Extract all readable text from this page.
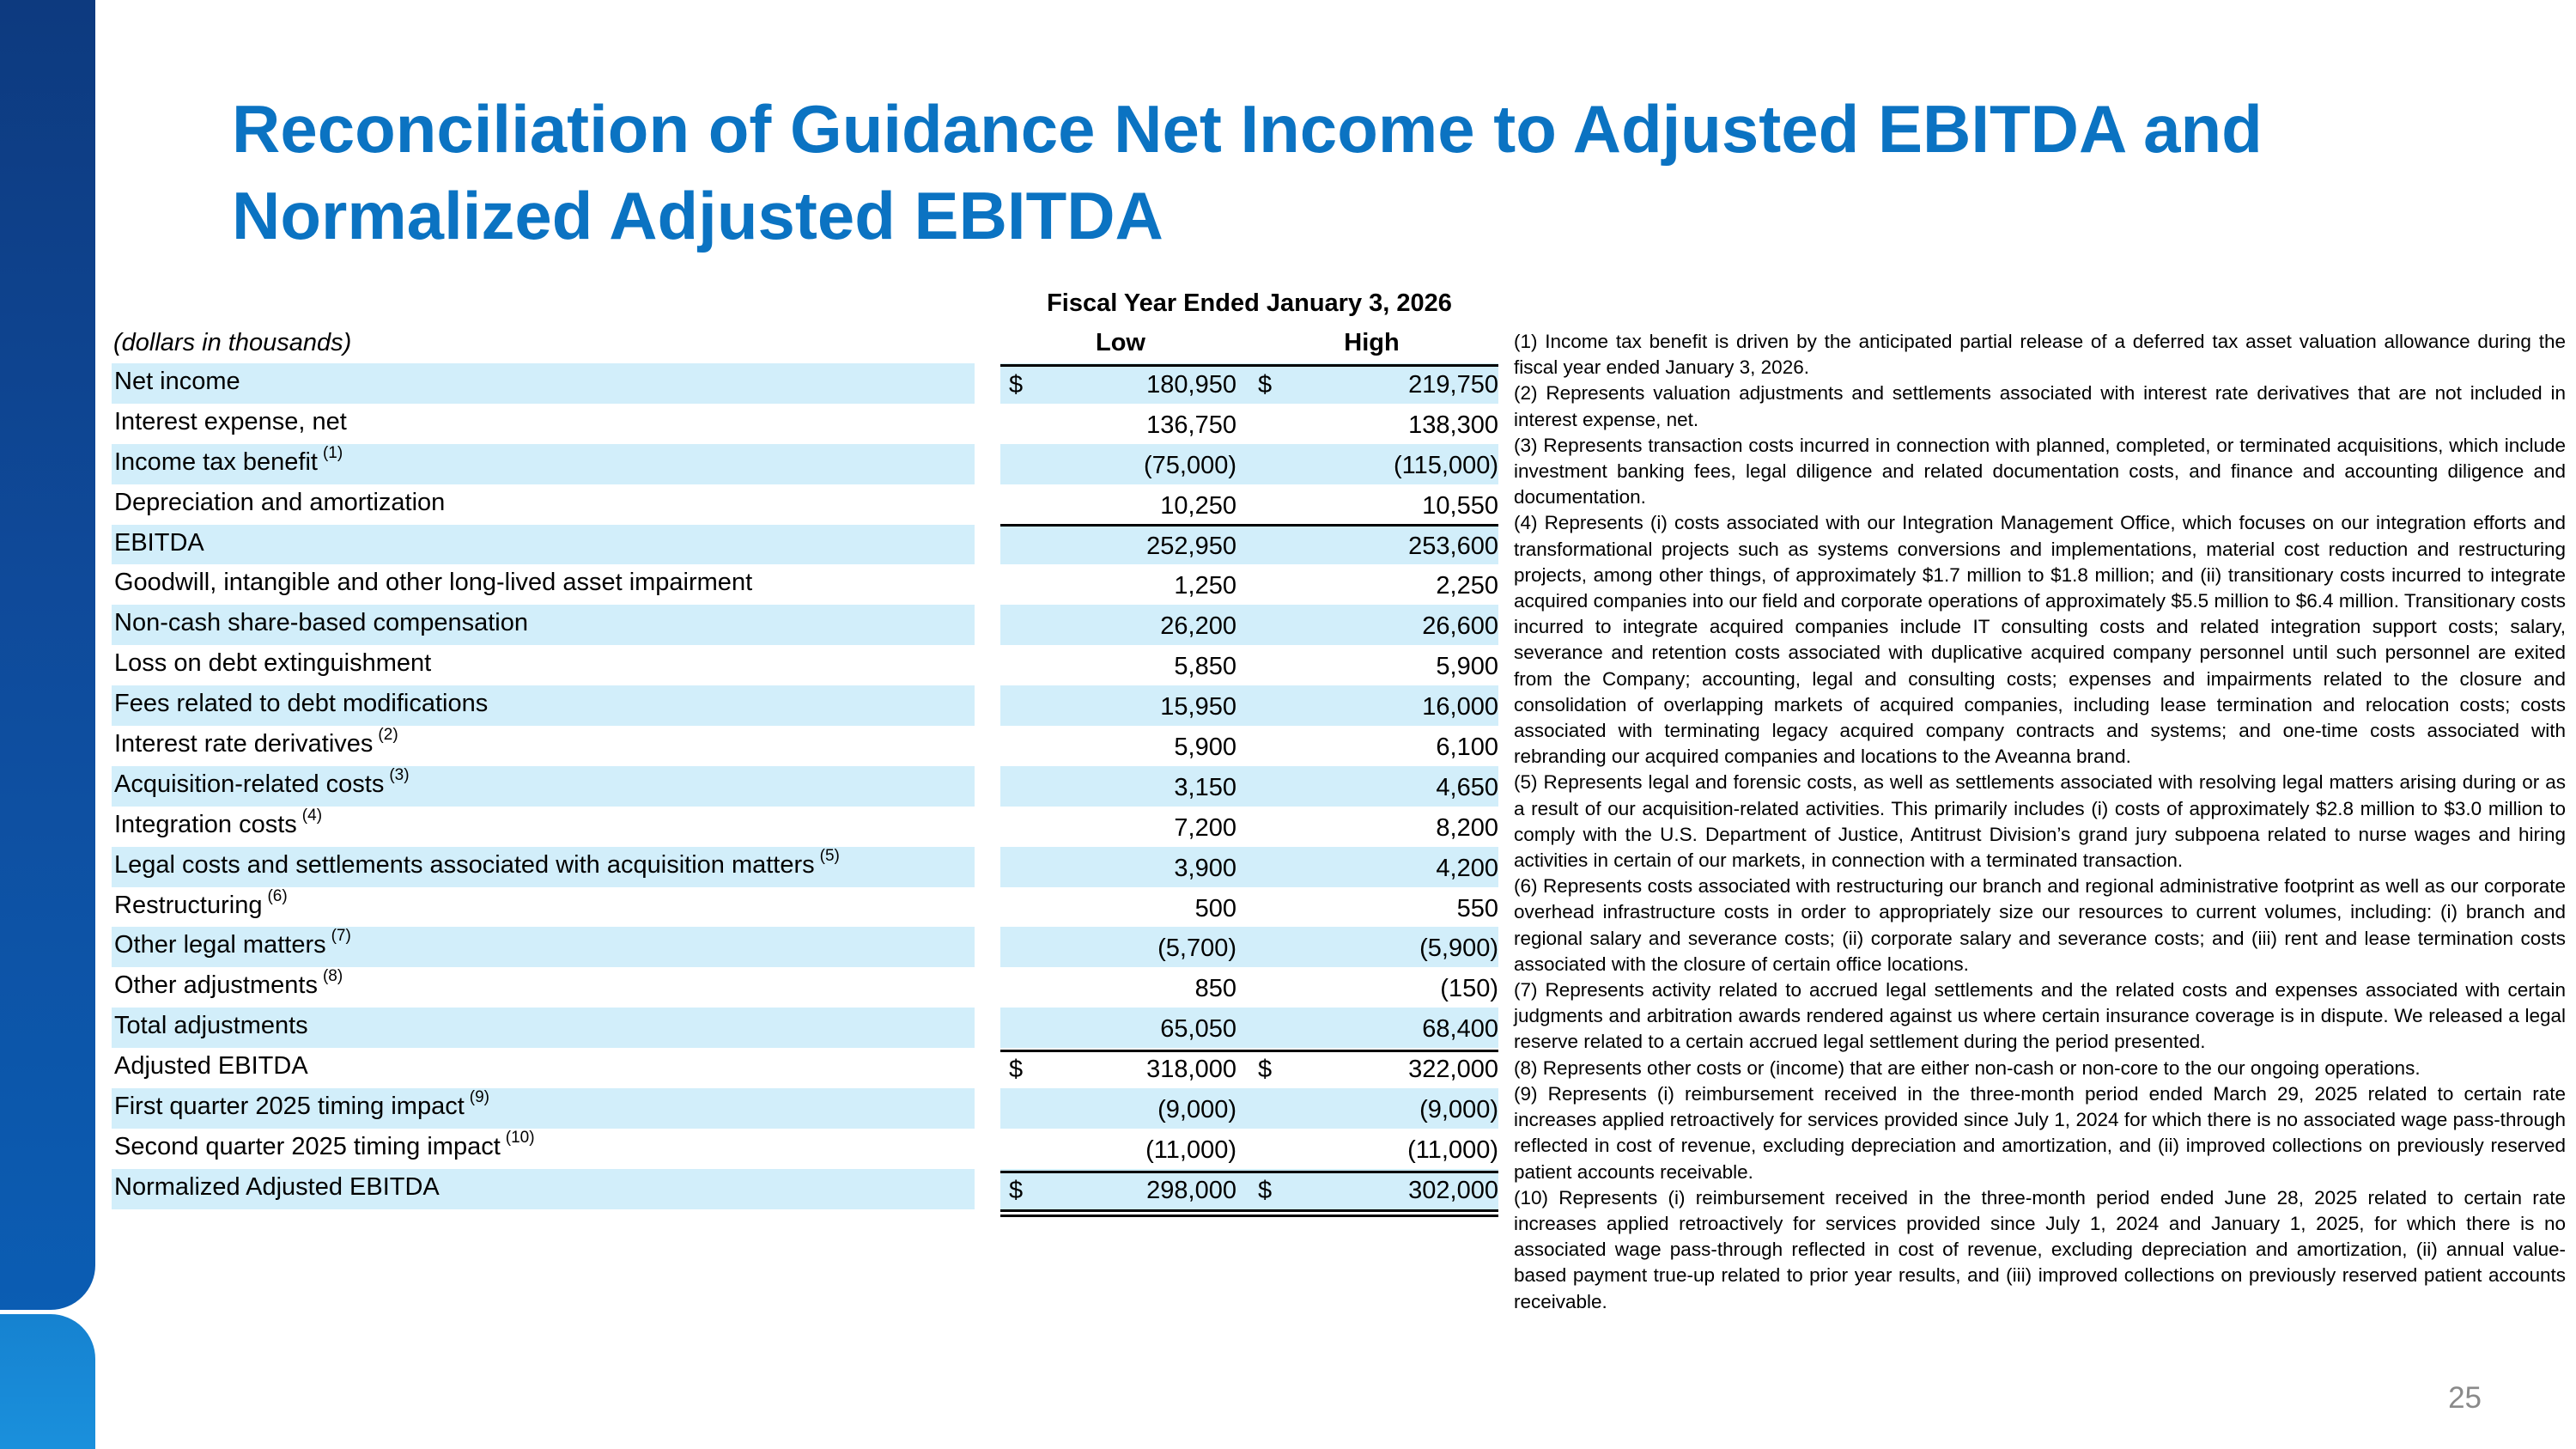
Reconciliation of Guidance Net Income to Adjusted EBITDA and Normalized Adjusted EBITDA
Fiscal Year Ended January 3, 2026
(dollars in thousands)	Low	High
Net income	$	180,950 $	219,750
Interest expense, net	136,750	138,300
Income tax benefit $^{(1)}$	(75,000)	(115,000)
Depreciation and amortization	10,250	10,550
EBITDA	252,950	253,600
Goodwill, intangible and other long-lived asset impairment	1,250	2,250
Non-cash share-based compensation	26,200	26,600
Loss on debt extinguishment	5,850	5,900
Fees related to debt modifications	15,950	16,000
Interest rate derivatives $^{(2)}$	5,900	6,100
Acquisition-related costs $^{(3)}$	3,150	4,650
Integration costs $^{(4)}$	7,200	8,200
Legal costs and settlements associated with acquisition matters $^{(5)}$	3,900	4,200
Restructuring $^{(6)}$	500	550
Other legal matters $^{(7)}$	(5,700)	(5,900)
Other adjustments $^{(8)}$	850	(150)
Total adjustments	65,050	68,400
Adjusted EBITDA	$	318,000 $	322,000
First quarter 2025 timing impact $^{(9)}$	(9,000)	(9,000)
Second quarter 2025 timing impact $^{(10)}$	(11,000)	(11,000)
Normalized Adjusted EBITDA	$	298,000 $	302,000

(1) Income tax benefit is driven by the anticipated partial release of a deferred tax asset valuation allowance during the fiscal year ended January 3, 2026.

(2) Represents valuation adjustments and settlements associated with interest rate derivatives that are not included in interest expense, net.

(3) Represents transaction costs incurred in connection with planned, completed, or terminated acquisitions, which include investment banking fees, legal diligence and related documentation costs, and finance and accounting diligence and documentation.

(4) Represents (i) costs associated with our Integration Management Office, which focuses on our integration efforts and transformational projects such as systems conversions and implementations, material cost reduction and restructuring projects, among other things, of approximately $1.7 million to $1.8 million; and (ii) transitionary costs incurred to integrate acquired companies into our field and corporate operations of approximately $5.5 million to $6.4 million. Transitionary costs incurred to integrate acquired companies include IT consulting costs and related integration support costs; salary, severance and retention costs associated with duplicative acquired company personnel until such personnel are exited from the Company; accounting, legal and consulting costs; expenses and impairments related to the closure and consolidation of overlapping markets of acquired companies, including lease termination and relocation costs; costs associated with terminating legacy acquired company contracts and systems; and one-time costs associated with rebranding our acquired companies and locations to the Aveanna brand.

(5) Represents legal and forensic costs, as well as settlements associated with resolving legal matters arising during or as a result of our acquisition-related activities. This primarily includes (i) costs of approximately $2.8 million to $3.0 million to comply with the U.S. Department of Justice, Antitrust Division’s grand jury subpoena related to nurse wages and hiring activities in certain of our markets, in connection with a terminated transaction.

(6) Represents costs associated with restructuring our branch and regional administrative footprint as well as our corporate overhead infrastructure costs in order to appropriately size our resources to current volumes, including: (i) branch and regional salary and severance costs; (ii) corporate salary and severance costs; and (iii) rent and lease termination costs associated with the closure of certain office locations.

(7) Represents activity related to accrued legal settlements and the related costs and expenses associated with certain judgments and arbitration awards rendered against us where certain insurance coverage is in dispute. We released a legal reserve related to a certain accrued legal settlement during the period presented.

(8) Represents other costs or (income) that are either non-cash or non-core to the our ongoing operations.

(9) Represents (i) reimbursement received in the three-month period ended March 29, 2025 related to certain rate increases applied retroactively for services provided since July 1, 2024 for which there is no associated wage pass-through reflected in cost of revenue, excluding depreciation and amortization, and (ii) improved collections on previously reserved patient accounts receivable.

(10) Represents (i) reimbursement received in the three-month period ended June 28, 2025 related to certain rate increases applied retroactively for services provided since July 1, 2024 and January 1, 2025, for which there is no associated wage pass-through reflected in cost of revenue, excluding depreciation and amortization, (ii) annual value-based payment true-up related to prior year results, and (iii) improved collections on previously reserved patient accounts receivable.

25
